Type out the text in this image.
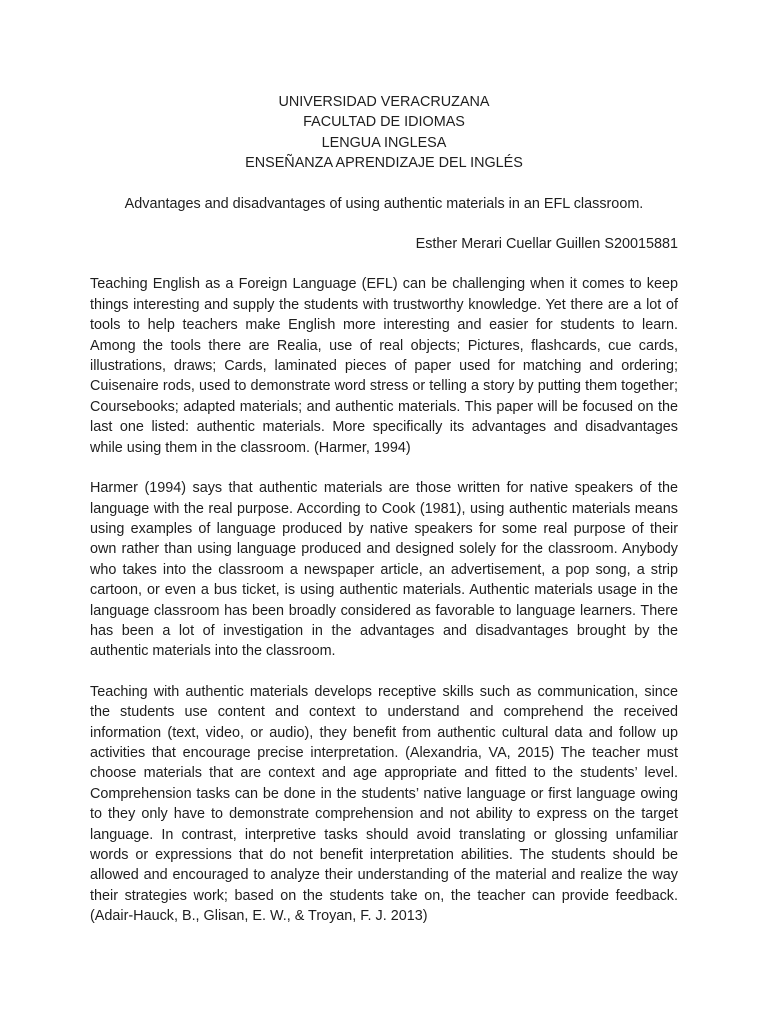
UNIVERSIDAD VERACRUZANA
FACULTAD DE IDIOMAS
LENGUA INGLESA
ENSEÑANZA APRENDIZAJE DEL INGLÉS

Advantages and disadvantages of using authentic materials in an EFL classroom.

Esther Merari Cuellar Guillen S20015881

Teaching English as a Foreign Language (EFL) can be challenging when it comes to keep things interesting and supply the students with trustworthy knowledge. Yet there are a lot of tools to help teachers make English more interesting and easier for students to learn. Among the tools there are Realia, use of real objects; Pictures, flashcards, cue cards, illustrations, draws; Cards, laminated pieces of paper used for matching and ordering; Cuisenaire rods, used to demonstrate word stress or telling a story by putting them together; Coursebooks; adapted materials; and authentic materials. This paper will be focused on the last one listed: authentic materials. More specifically its advantages and disadvantages while using them in the classroom. (Harmer, 1994)

Harmer (1994) says that authentic materials are those written for native speakers of the language with the real purpose. According to Cook (1981), using authentic materials means using examples of language produced by native speakers for some real purpose of their own rather than using language produced and designed solely for the classroom. Anybody who takes into the classroom a newspaper article, an advertisement, a pop song, a strip cartoon, or even a bus ticket, is using authentic materials. Authentic materials usage in the language classroom has been broadly considered as favorable to language learners. There has been a lot of investigation in the advantages and disadvantages brought by the authentic materials into the classroom.

Teaching with authentic materials develops receptive skills such as communication, since the students use content and context to understand and comprehend the received information (text, video, or audio), they benefit from authentic cultural data and follow up activities that encourage precise interpretation. (Alexandria, VA, 2015) The teacher must choose materials that are context and age appropriate and fitted to the students’ level. Comprehension tasks can be done in the students’ native language or first language owing to they only have to demonstrate comprehension and not ability to express on the target language. In contrast, interpretive tasks should avoid translating or glossing unfamiliar words or expressions that do not benefit interpretation abilities. The students should be allowed and encouraged to analyze their understanding of the material and realize the way their strategies work; based on the students take on, the teacher can provide feedback. (Adair-Hauck, B., Glisan, E. W., & Troyan, F. J. 2013)
